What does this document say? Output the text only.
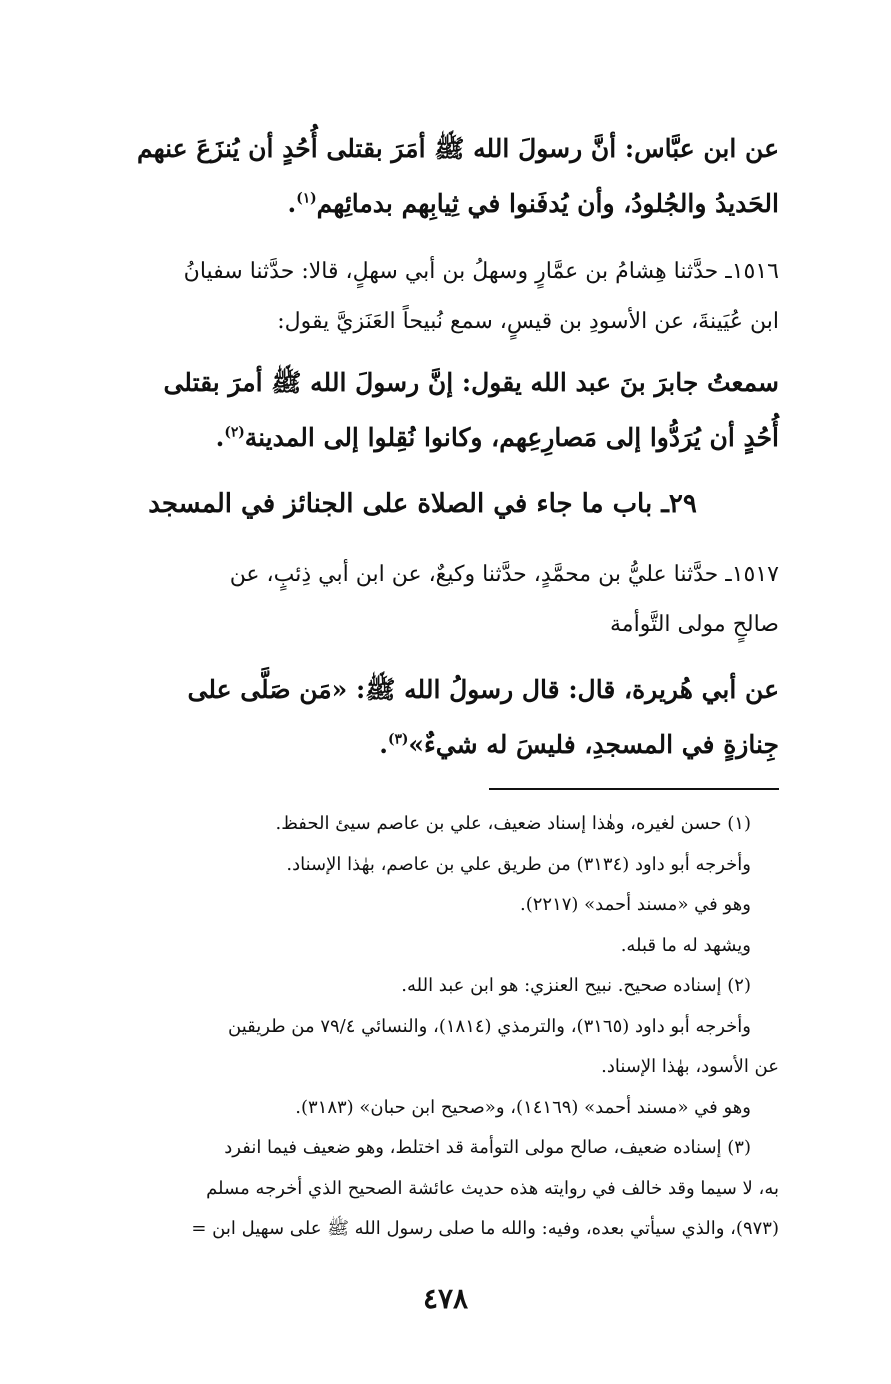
عن ابن عبَّاس: أنَّ رسولَ الله ﷺ أمَرَ بقتلى أُحُدٍ أن يُنزَعَ عنهم
الحَديدُ والجُلودُ، وأن يُدفَنوا في ثِيابِهم بدمائِهم$^{(١)}$.

١٥١٦ـ حدَّثنا هِشامُ بن عمَّارٍ وسهلُ بن أبي سهلٍ، قالا: حدَّثنا سفيانُ
ابن عُيَينةَ، عن الأسودِ بن قيسٍ، سمع نُبيحاً العَنَزيَّ يقول:

سمعتُ جابرَ بنَ عبد الله يقول: إنَّ رسولَ الله ﷺ أمرَ بقتلى
أُحُدٍ أن يُرَدُّوا إلى مَصارِعِهم، وكانوا نُقِلوا إلى المدينة$^{(٢)}$.

٢٩ـ باب ما جاء في الصلاة على الجنائز في المسجد

١٥١٧ـ حدَّثنا عليُّ بن محمَّدٍ، حدَّثنا وكيعٌ، عن ابن أبي ذِئبٍ، عن
صالحٍ مولى التَّوأمة

عن أبي هُريرة، قال: قال رسولُ الله ﷺ: «مَن صَلَّى على
جِنازةٍ في المسجدِ، فليسَ له شيءٌ»$^{(٣)}$.

(١) حسن لغيره، وهٰذا إسناد ضعيف، علي بن عاصم سيئ الحفظ.
وأخرجه أبو داود (٣١٣٤) من طريق علي بن عاصم، بهٰذا الإسناد.
وهو في «مسند أحمد» (٢٢١٧).
ويشهد له ما قبله.
(٢) إسناده صحيح. نبيح العنزي: هو ابن عبد الله.
وأخرجه أبو داود (٣١٦٥)، والترمذي (١٨١٤)، والنسائي ٧٩/٤ من طريقين
عن الأسود، بهٰذا الإسناد.
وهو في «مسند أحمد» (١٤١٦٩)، و«صحيح ابن حبان» (٣١٨٣).
(٣) إسناده ضعيف، صالح مولى التوأمة قد اختلط، وهو ضعيف فيما انفرد
به، لا سيما وقد خالف في روايته هذه حديث عائشة الصحيح الذي أخرجه مسلم
(٩٧٣)، والذي سيأتي بعده، وفيه: والله ما صلى رسول الله ﷺ على سهيل ابن =
٤٧٨
